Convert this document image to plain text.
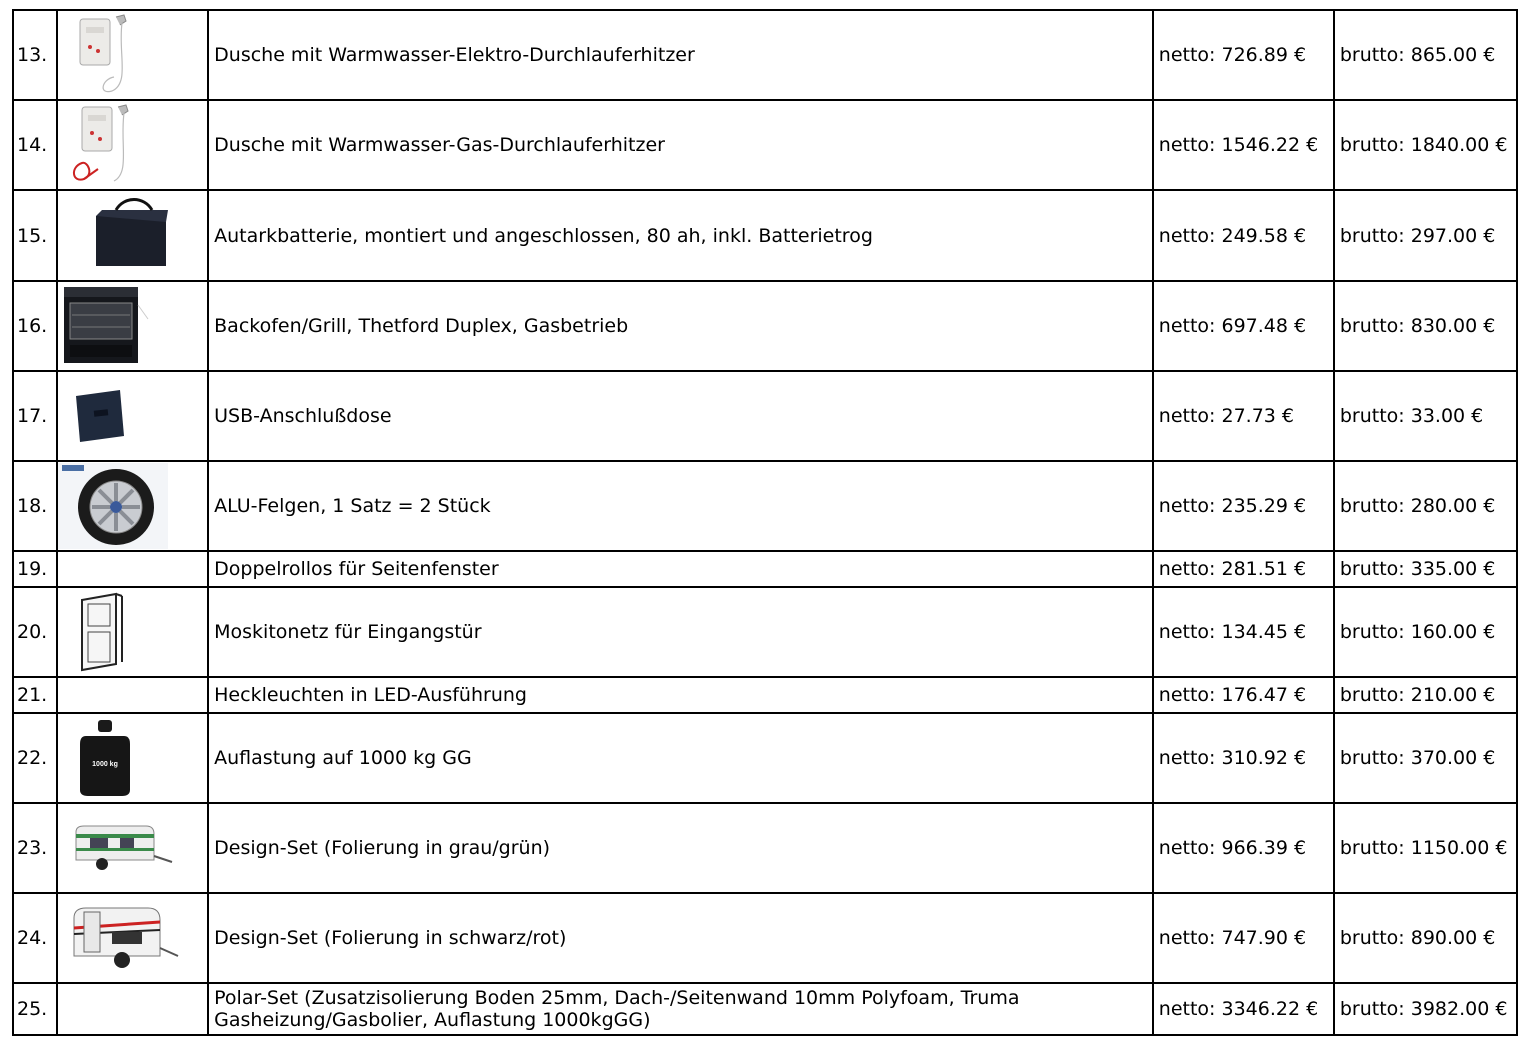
13.		Dusche mit Warmwasser-Elektro-Durchlauferhitzer	netto: 726.89 €	brutto: 865.00 €
14.		Dusche mit Warmwasser-Gas-Durchlauferhitzer	netto: 1546.22 €	brutto: 1840.00 €
15.		Autarkbatterie, montiert und angeschlossen, 80 ah, inkl. Batterietrog	netto: 249.58 €	brutto: 297.00 €
16.		Backofen/Grill, Thetford Duplex, Gasbetrieb	netto: 697.48 €	brutto: 830.00 €
17.		USB-Anschlußdose	netto: 27.73 €	brutto: 33.00 €
18.		ALU-Felgen, 1 Satz = 2 Stück	netto: 235.29 €	brutto: 280.00 €
19.		Doppelrollos für Seitenfenster	netto: 281.51 €	brutto: 335.00 €
20.		Moskitonetz für Eingangstür	netto: 134.45 €	brutto: 160.00 €
21.		Heckleuchten in LED-Ausführung	netto: 176.47 €	brutto: 210.00 €
22.	1000 kg	Auflastung auf 1000 kg GG	netto: 310.92 €	brutto: 370.00 €
23.		Design-Set (Folierung in grau/grün)	netto: 966.39 €	brutto: 1150.00 €
24.		Design-Set (Folierung in schwarz/rot)	netto: 747.90 €	brutto: 890.00 €
25.		Polar-Set (Zusatzisolierung Boden 25mm, Dach-/Seitenwand 10mm Polyfoam, Truma Gasheizung/Gasbolier, Auflastung 1000kgGG)	netto: 3346.22 €	brutto: 3982.00 €
